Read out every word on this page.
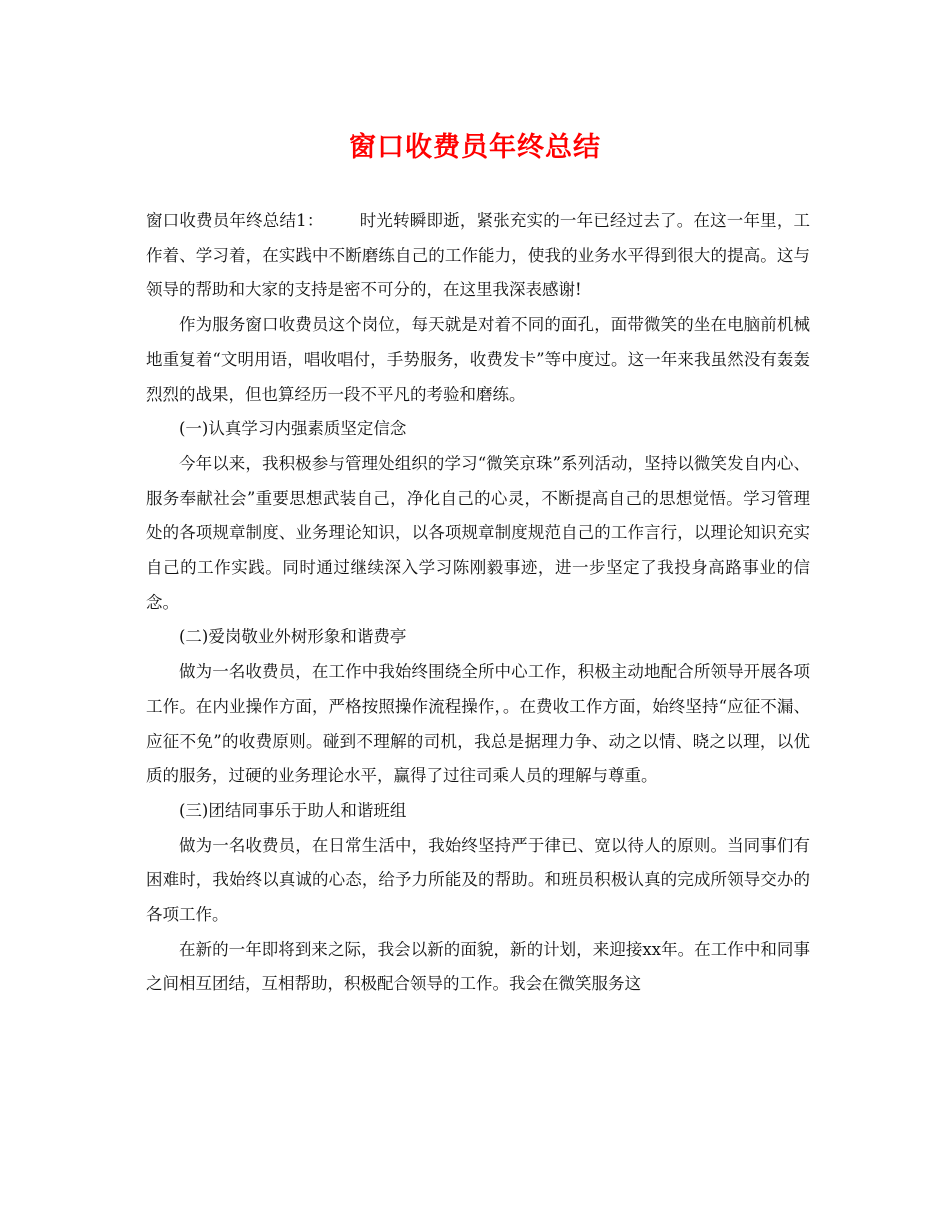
窗口收费员年终总结

窗口收费员年终总结1： 时光转瞬即逝，紧张充实的一年已经过去了。在这一年里，工作着、学习着，在实践中不断磨练自己的工作能力，使我的业务水平得到很大的提高。这与领导的帮助和大家的支持是密不可分的，在这里我深表感谢!

作为服务窗口收费员这个岗位，每天就是对着不同的面孔，面带微笑的坐在电脑前机械地重复着“文明用语，唱收唱付，手势服务，收费发卡”等中度过。这一年来我虽然没有轰轰烈烈的战果，但也算经历一段不平凡的考验和磨练。

(一)认真学习内强素质坚定信念

今年以来，我积极参与管理处组织的学习“微笑京珠”系列活动，坚持以微笑发自内心、服务奉献社会”重要思想武装自己，净化自己的心灵，不断提高自己的思想觉悟。学习管理处的各项规章制度、业务理论知识，以各项规章制度规范自己的工作言行，以理论知识充实自己的工作实践。同时通过继续深入学习陈刚毅事迹，进一步坚定了我投身高路事业的信念。

(二)爱岗敬业外树形象和谐费亭

做为一名收费员，在工作中我始终围绕全所中心工作，积极主动地配合所领导开展各项工作。在内业操作方面，严格按照操作流程操作，。在费收工作方面，始终坚持“应征不漏、应征不免”的收费原则。碰到不理解的司机，我总是据理力争、动之以情、晓之以理，以优质的服务，过硬的业务理论水平，赢得了过往司乘人员的理解与尊重。

(三)团结同事乐于助人和谐班组

做为一名收费员，在日常生活中，我始终坚持严于律已、宽以待人的原则。当同事们有困难时，我始终以真诚的心态，给予力所能及的帮助。和班员积极认真的完成所领导交办的各项工作。

在新的一年即将到来之际，我会以新的面貌，新的计划，来迎接xx年。在工作中和同事之间相互团结，互相帮助，积极配合领导的工作。我会在微笑服务这
